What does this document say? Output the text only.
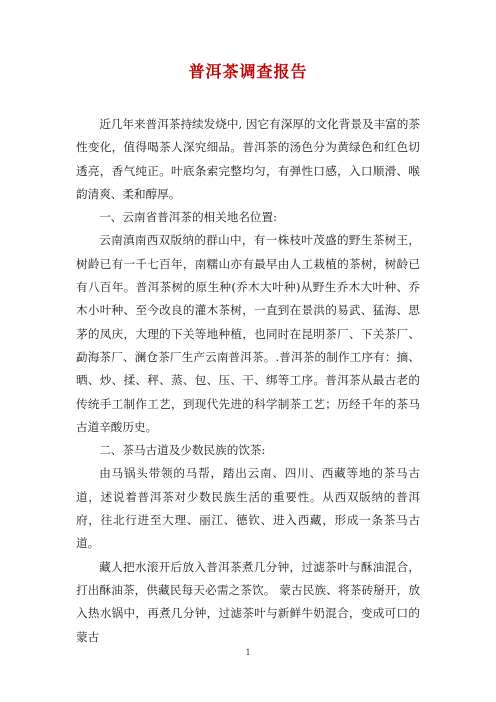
普洱茶调查报告

近几年来普洱茶持续发烧中, 因它有深厚的文化背景及丰富的茶性变化，值得喝茶人深究细品。普洱茶的汤色分为黄绿色和红色切透亮，香气纯正。叶底条索完整均匀，有弹性口感，入口顺滑、喉韵清爽、柔和醇厚。

一、云南省普洱茶的相关地名位置:

云南滇南西双版纳的群山中，有一株枝叶茂盛的野生茶树王，树龄已有一千七百年，南糯山亦有最早由人工栽植的茶树，树龄已有八百年。普洱茶树的原生种(乔木大叶种)从野生乔木大叶种、乔木小叶种、至今改良的灌木茶树，一直到在景洪的易武、猛海、思茅的凤庆，大理的下关等地种植，也同时在昆明茶厂、下关茶厂、勐海茶厂、澜仓茶厂生产云南普洱茶。.普洱茶的制作工序有：摘、晒、炒、揉、秤、蒸、包、压、干、绑等工序。普洱茶从最古老的传统手工制作工艺，到现代先进的科学制茶工艺；历经千年的茶马古道辛酸历史。

二、茶马古道及少数民族的饮茶:

由马锅头带领的马帮，踏出云南、四川、西藏等地的茶马古道，述说着普洱茶对少数民族生活的重要性。从西双版纳的普洱府，往北行进至大理、丽江、德钦、进入西藏，形成一条茶马古道。

藏人把水滚开后放入普洱茶煮几分钟，过滤茶叶与酥油混合，打出酥油茶，供藏民每天必需之茶饮。 蒙古民族、将茶砖掰开，放入热水锅中，再煮几分钟，过滤茶叶与新鲜牛奶混合，变成可口的蒙古

1
